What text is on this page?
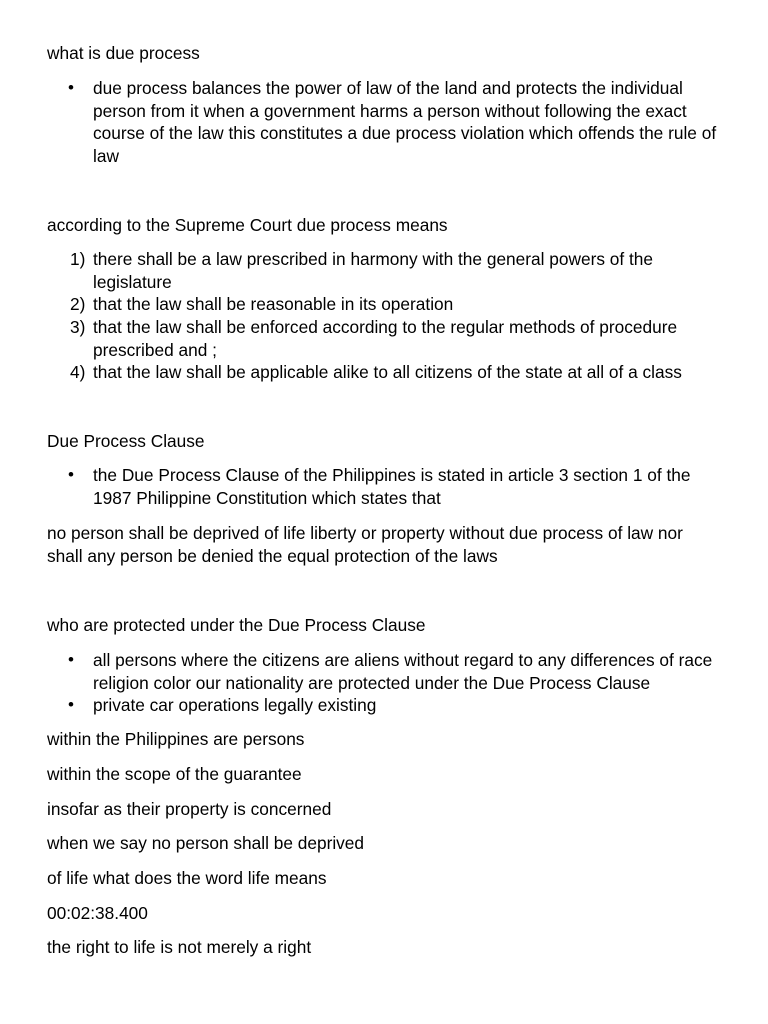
what is due process
• due process balances the power of law of the land and protects the individual person from it when a government harms a person without following the exact course of the law this constitutes a due process violation which offends the rule of law
according to the Supreme Court due process means
1) there shall be a law prescribed in harmony with the general powers of the legislature
2) that the law shall be reasonable in its operation
3) that the law shall be enforced according to the regular methods of procedure prescribed and ;
4) that the law shall be applicable alike to all citizens of the state at all of a class
Due Process Clause
• the Due Process Clause of the Philippines is stated in article 3 section 1 of the 1987 Philippine Constitution which states that
no person shall be deprived of life liberty or property without due process of law nor shall any person be denied the equal protection of the laws
who are protected under the Due Process Clause
• all persons where the citizens are aliens without regard to any differences of race religion color our nationality are protected under the Due Process Clause
• private car operations legally existing
within the Philippines are persons
within the scope of the guarantee
insofar as their property is concerned
when we say no person shall be deprived
of life what does the word life means
00:02:38.400
the right to life is not merely a right
